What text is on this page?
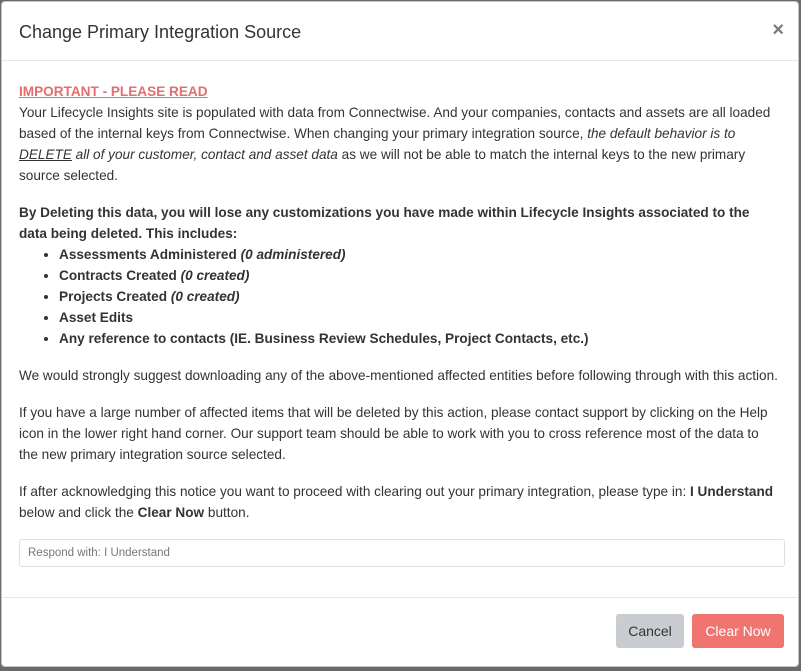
Change Primary Integration Source	×
IMPORTANT - PLEASE READ

Your Lifecycle Insights site is populated with data from Connectwise. And your companies, contacts and assets are all loaded based of the internal keys from Connectwise. When changing your primary integration source, the default behavior is to DELETE all of your customer, contact and asset data as we will not be able to match the internal keys to the new primary source selected.

By Deleting this data, you will lose any customizations you have made within Lifecycle Insights associated to the data being deleted. This includes:
• Assessments Administered (0 administered)
• Contracts Created (0 created)
• Projects Created (0 created)
• Asset Edits
• Any reference to contacts (IE. Business Review Schedules, Project Contacts, etc.)

We would strongly suggest downloading any of the above-mentioned affected entities before following through with this action.

If you have a large number of affected items that will be deleted by this action, please contact support by clicking on the Help icon in the lower right hand corner. Our support team should be able to work with you to cross reference most of the data to the new primary integration source selected.

If after acknowledging this notice you want to proceed with clearing out your primary integration, please type in: I Understand below and click the Clear Now button.

Respond with: I Understand
Cancel	Clear Now
